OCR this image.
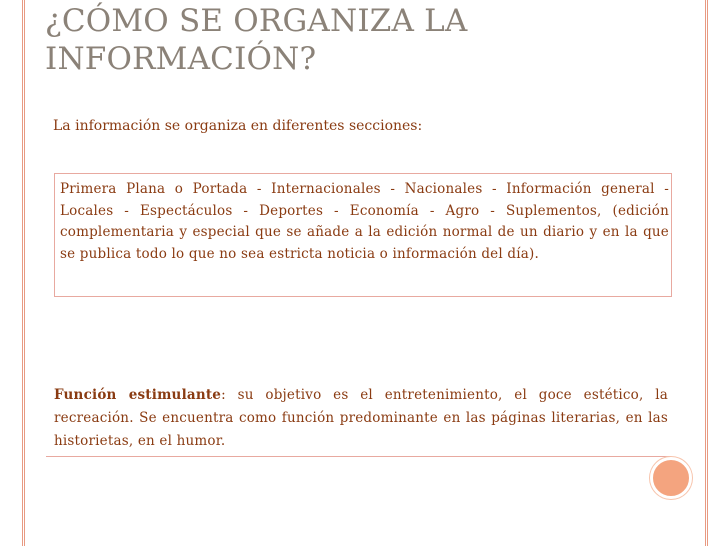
¿CÓMO SE ORGANIZA LA
INFORMACIÓN?
La información se organiza en diferentes secciones:
Primera Plana o Portada - Internacionales - Nacionales - Información general - Locales - Espectáculos - Deportes - Economía - Agro - Suplementos, (edición complementaria y especial que se añade a la edición normal de un diario y en la que se publica todo lo que no sea estricta noticia o información del día).
Función estimulante: su objetivo es el entretenimiento, el goce estético, la recreación. Se encuentra como función predominante en las páginas literarias, en las historietas, en el humor.
